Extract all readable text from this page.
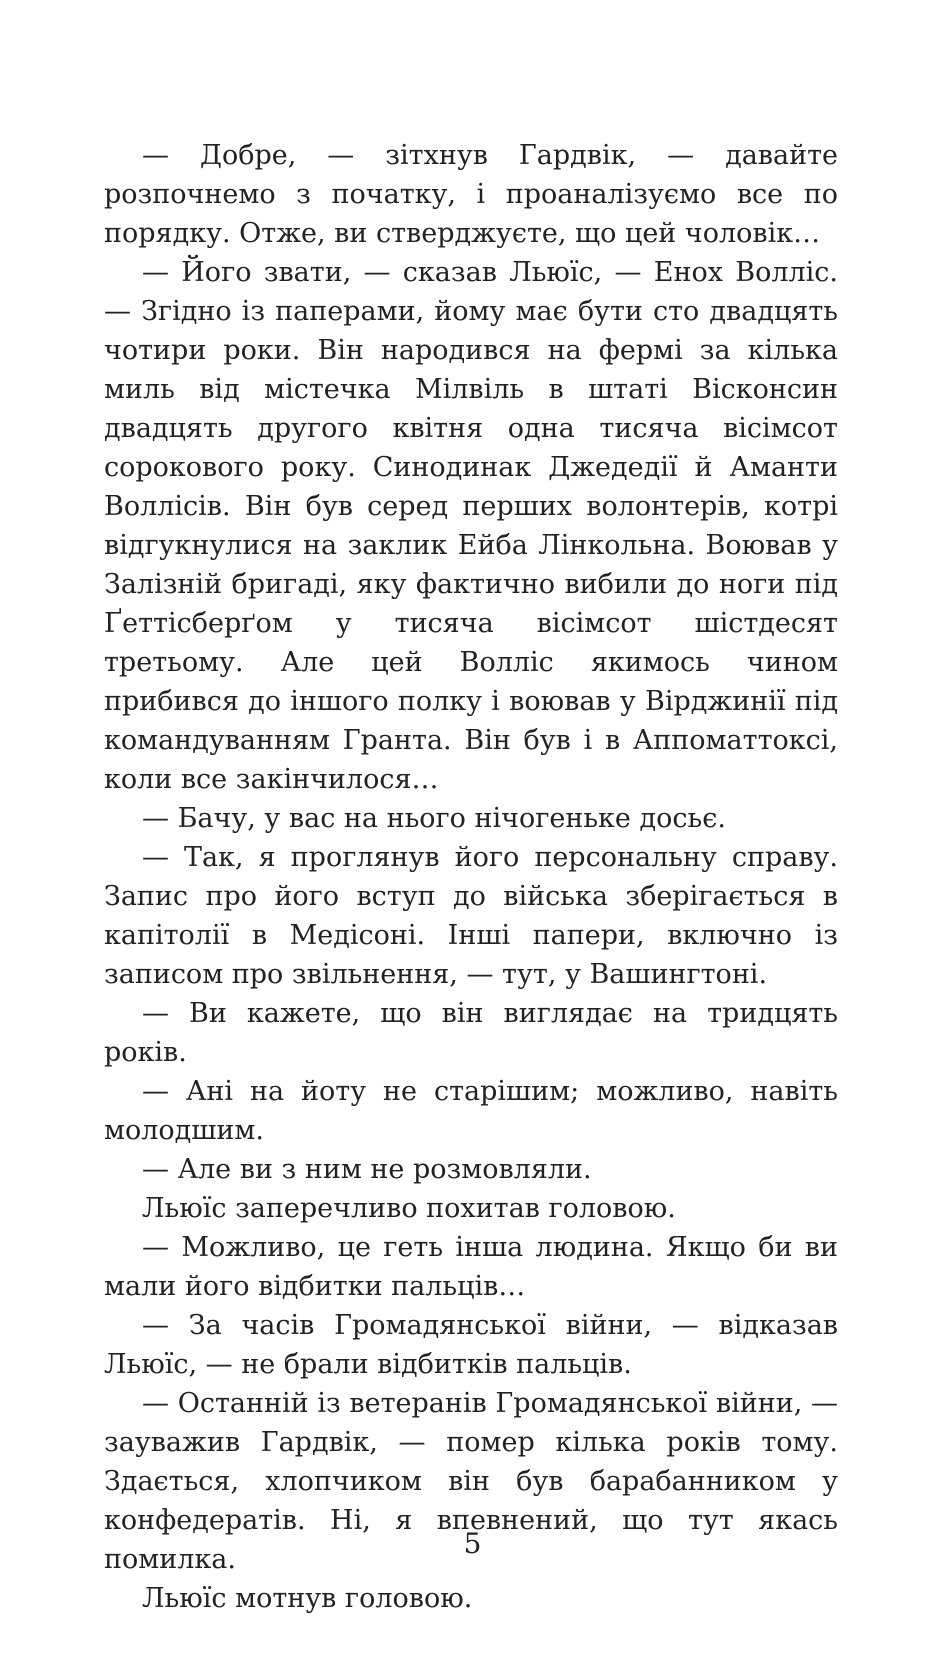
— Добре, — зітхнув Гардвік, — давайте розпочнемо з початку, і проаналізуємо все по порядку. Отже, ви стверджуєте, що цей чоловік…

— Його звати, — сказав Льюїс, — Енох Волліс. — Згідно із паперами, йому має бути сто двадцять чотири роки. Він народився на фермі за кілька миль від містечка Мілвіль в штаті Вісконсин двадцять другого квітня одна тисяча вісімсот сорокового року. Синодинак Джедедії й Аманти Воллісів. Він був серед перших волонтерів, котрі відгукнулися на заклик Ейба Лінкольна. Воював у Залізній бригаді, яку фактично вибили до ноги під Ґеттісберґом у тисяча вісімсот шістдесят третьому. Але цей Волліс якимось чином прибився до іншого полку і воював у Вірджинії під командуванням Гранта. Він був і в Аппоматтоксі, коли все закінчилося…

— Бачу, у вас на нього нічогеньке досьє.

— Так, я проглянув його персональну справу. Запис про його вступ до війська зберігається в капітолії в Медісоні. Інші папери, включно із записом про звільнення, — тут, у Вашингтоні.

— Ви кажете, що він виглядає на тридцять років.

— Ані на йоту не старішим; можливо, навіть молодшим.

— Але ви з ним не розмовляли.

Льюїс заперечливо похитав головою.

— Можливо, це геть інша людина. Якщо би ви мали його відбитки пальців…

— За часів Громадянської війни, — відказав Льюїс, — не брали відбитків пальців.

— Останній із ветеранів Громадянської війни, — зауважив Гардвік, — помер кілька років тому. Здається, хлопчиком він був барабанником у конфедератів. Ні, я впевнений, що тут якась помилка.

Льюїс мотнув головою.

5
